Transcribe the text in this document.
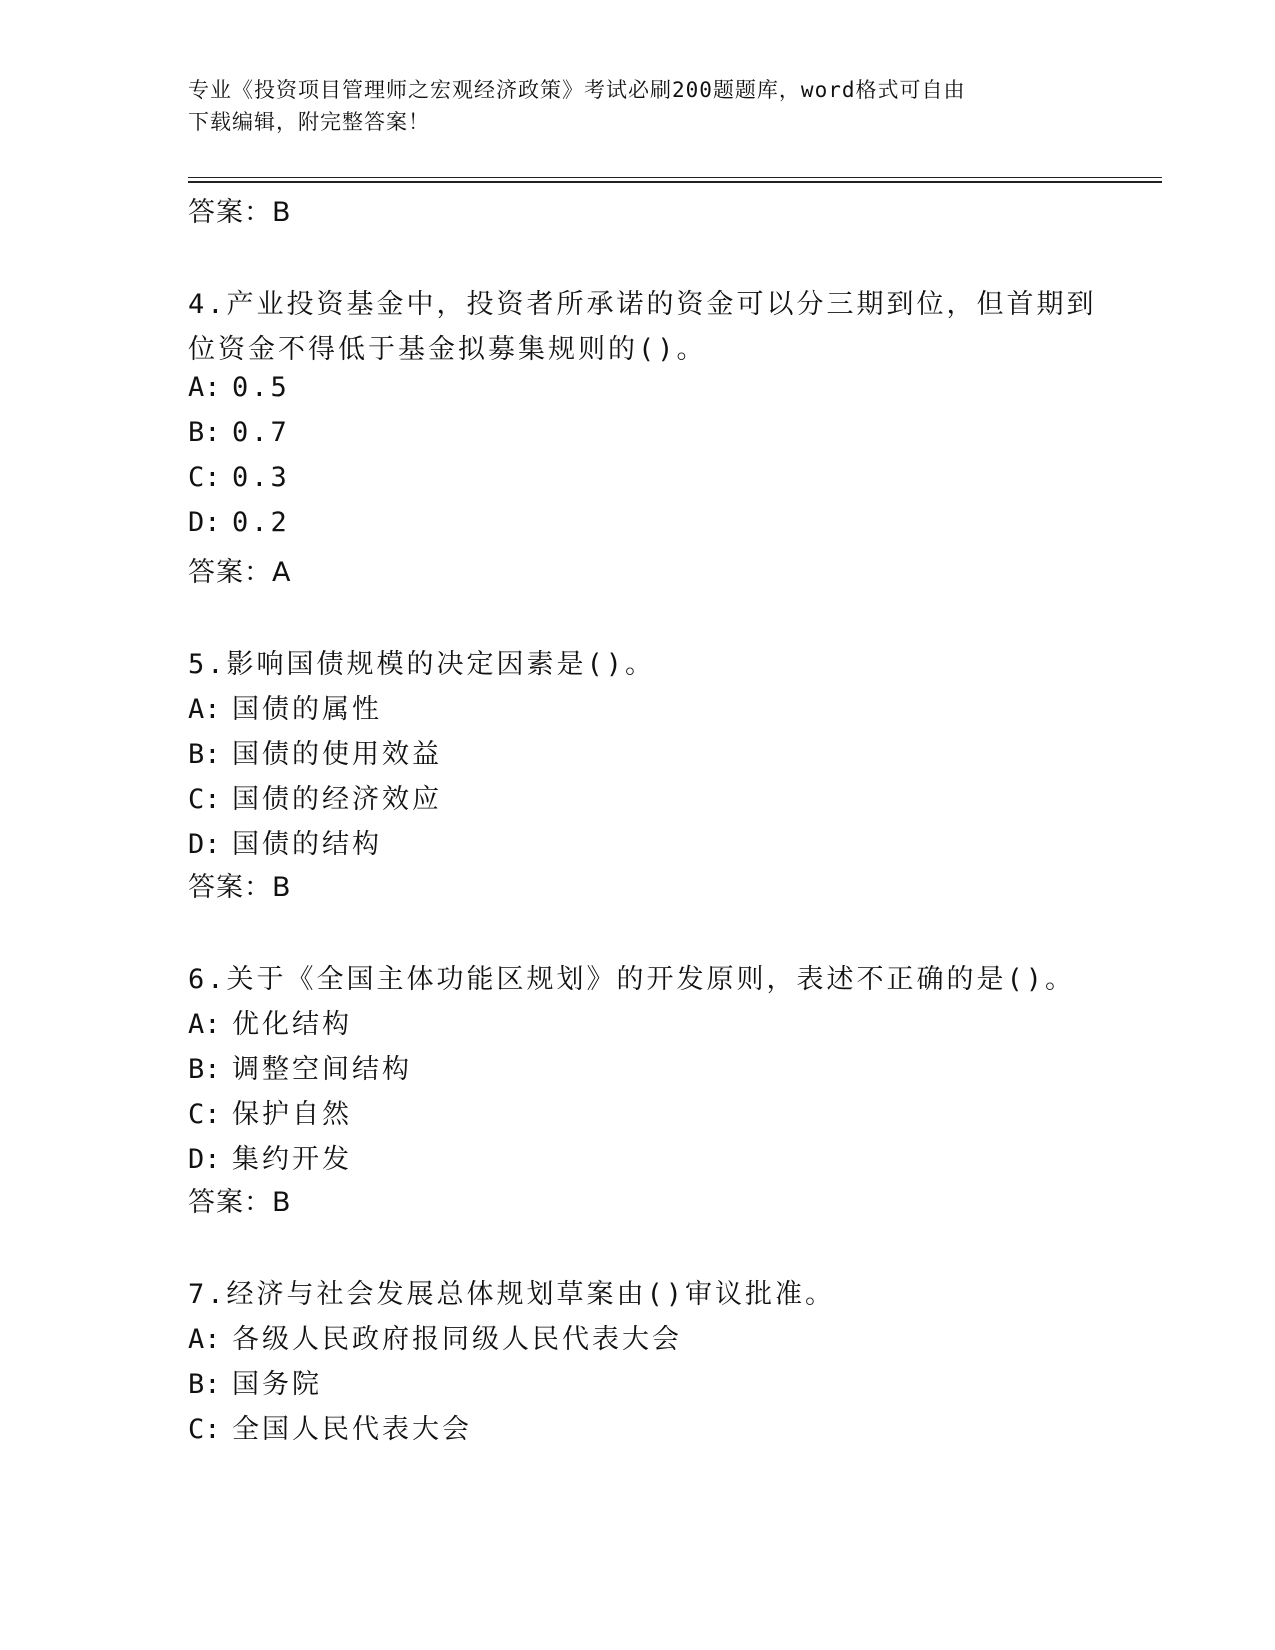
专业《投资项目管理师之宏观经济政策》考试必刷200题题库，word格式可自由
下载编辑，附完整答案！
答案：B
4.产业投资基金中，投资者所承诺的资金可以分三期到位，但首期到
位资金不得低于基金拟募集规则的()。
A: 0.5
B: 0.7
C: 0.3
D: 0.2
答案：A
5.影响国债规模的决定因素是()。
A: 国债的属性
B: 国债的使用效益
C: 国债的经济效应
D: 国债的结构
答案：B
6.关于《全国主体功能区规划》的开发原则，表述不正确的是()。
A: 优化结构
B: 调整空间结构
C: 保护自然
D: 集约开发
答案：B
7.经济与社会发展总体规划草案由()审议批准。
A: 各级人民政府报同级人民代表大会
B: 国务院
C: 全国人民代表大会
